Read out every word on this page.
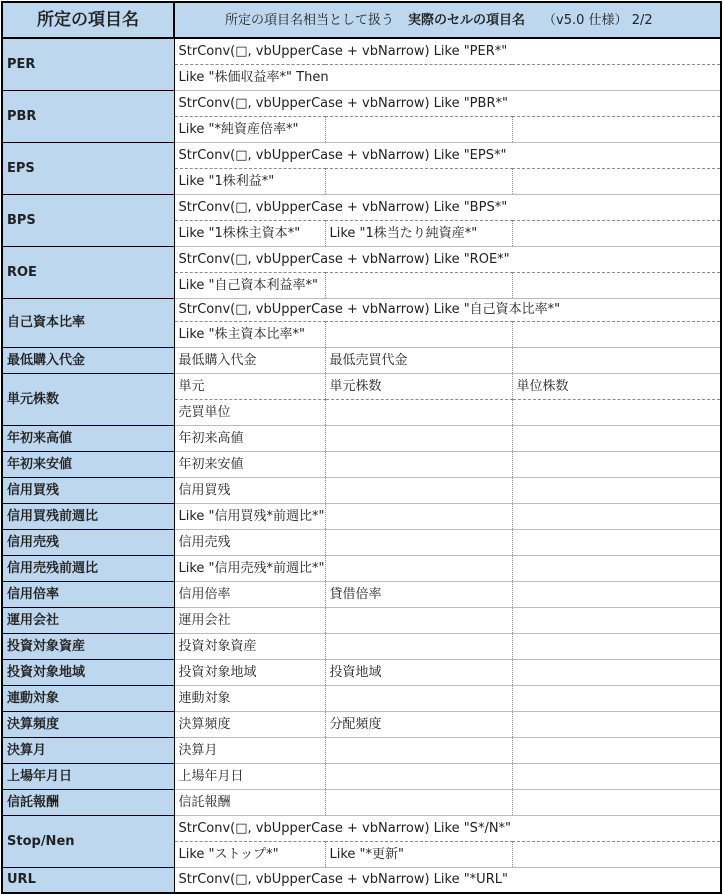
所定の項目名	所定の項目名相当として扱う 実際のセルの項目名 （v5.0 仕様） 2/2		
PER	StrConv(□, vbUpperCase + vbNarrow) Like "PER*"		
	Like "株価収益率*" Then		
PBR	StrConv(□, vbUpperCase + vbNarrow) Like "PBR*"		
	Like "*純資産倍率*"		
EPS	StrConv(□, vbUpperCase + vbNarrow) Like "EPS*"		
	Like "1株利益*"		
BPS	StrConv(□, vbUpperCase + vbNarrow) Like "BPS*"		
	Like "1株株主資本*"	Like "1株当たり純資産*"	
ROE	StrConv(□, vbUpperCase + vbNarrow) Like "ROE*"		
	Like "自己資本利益率*"		
自己資本比率	StrConv(□, vbUpperCase + vbNarrow) Like "自己資本比率*"		
	Like "株主資本比率*"		
最低購入代金	最低購入代金	最低売買代金	
単元株数	単元	単元株数	単位株数
	売買単位		
年初来高値	年初来高値		
年初来安値	年初来安値		
信用買残	信用買残		
信用買残前週比	Like "信用買残*前週比*"		
信用売残	信用売残		
信用売残前週比	Like "信用売残*前週比*"		
信用倍率	信用倍率	貸借倍率	
運用会社	運用会社		
投資対象資産	投資対象資産		
投資対象地域	投資対象地域	投資地域	
連動対象	連動対象		
決算頻度	決算頻度	分配頻度	
決算月	決算月		
上場年月日	上場年月日		
信託報酬	信託報酬		
Stop/Nen	StrConv(□, vbUpperCase + vbNarrow) Like "S*/N*"		
	Like "ストップ*"	Like "*更新"	
URL	StrConv(□, vbUpperCase + vbNarrow) Like "*URL"		
